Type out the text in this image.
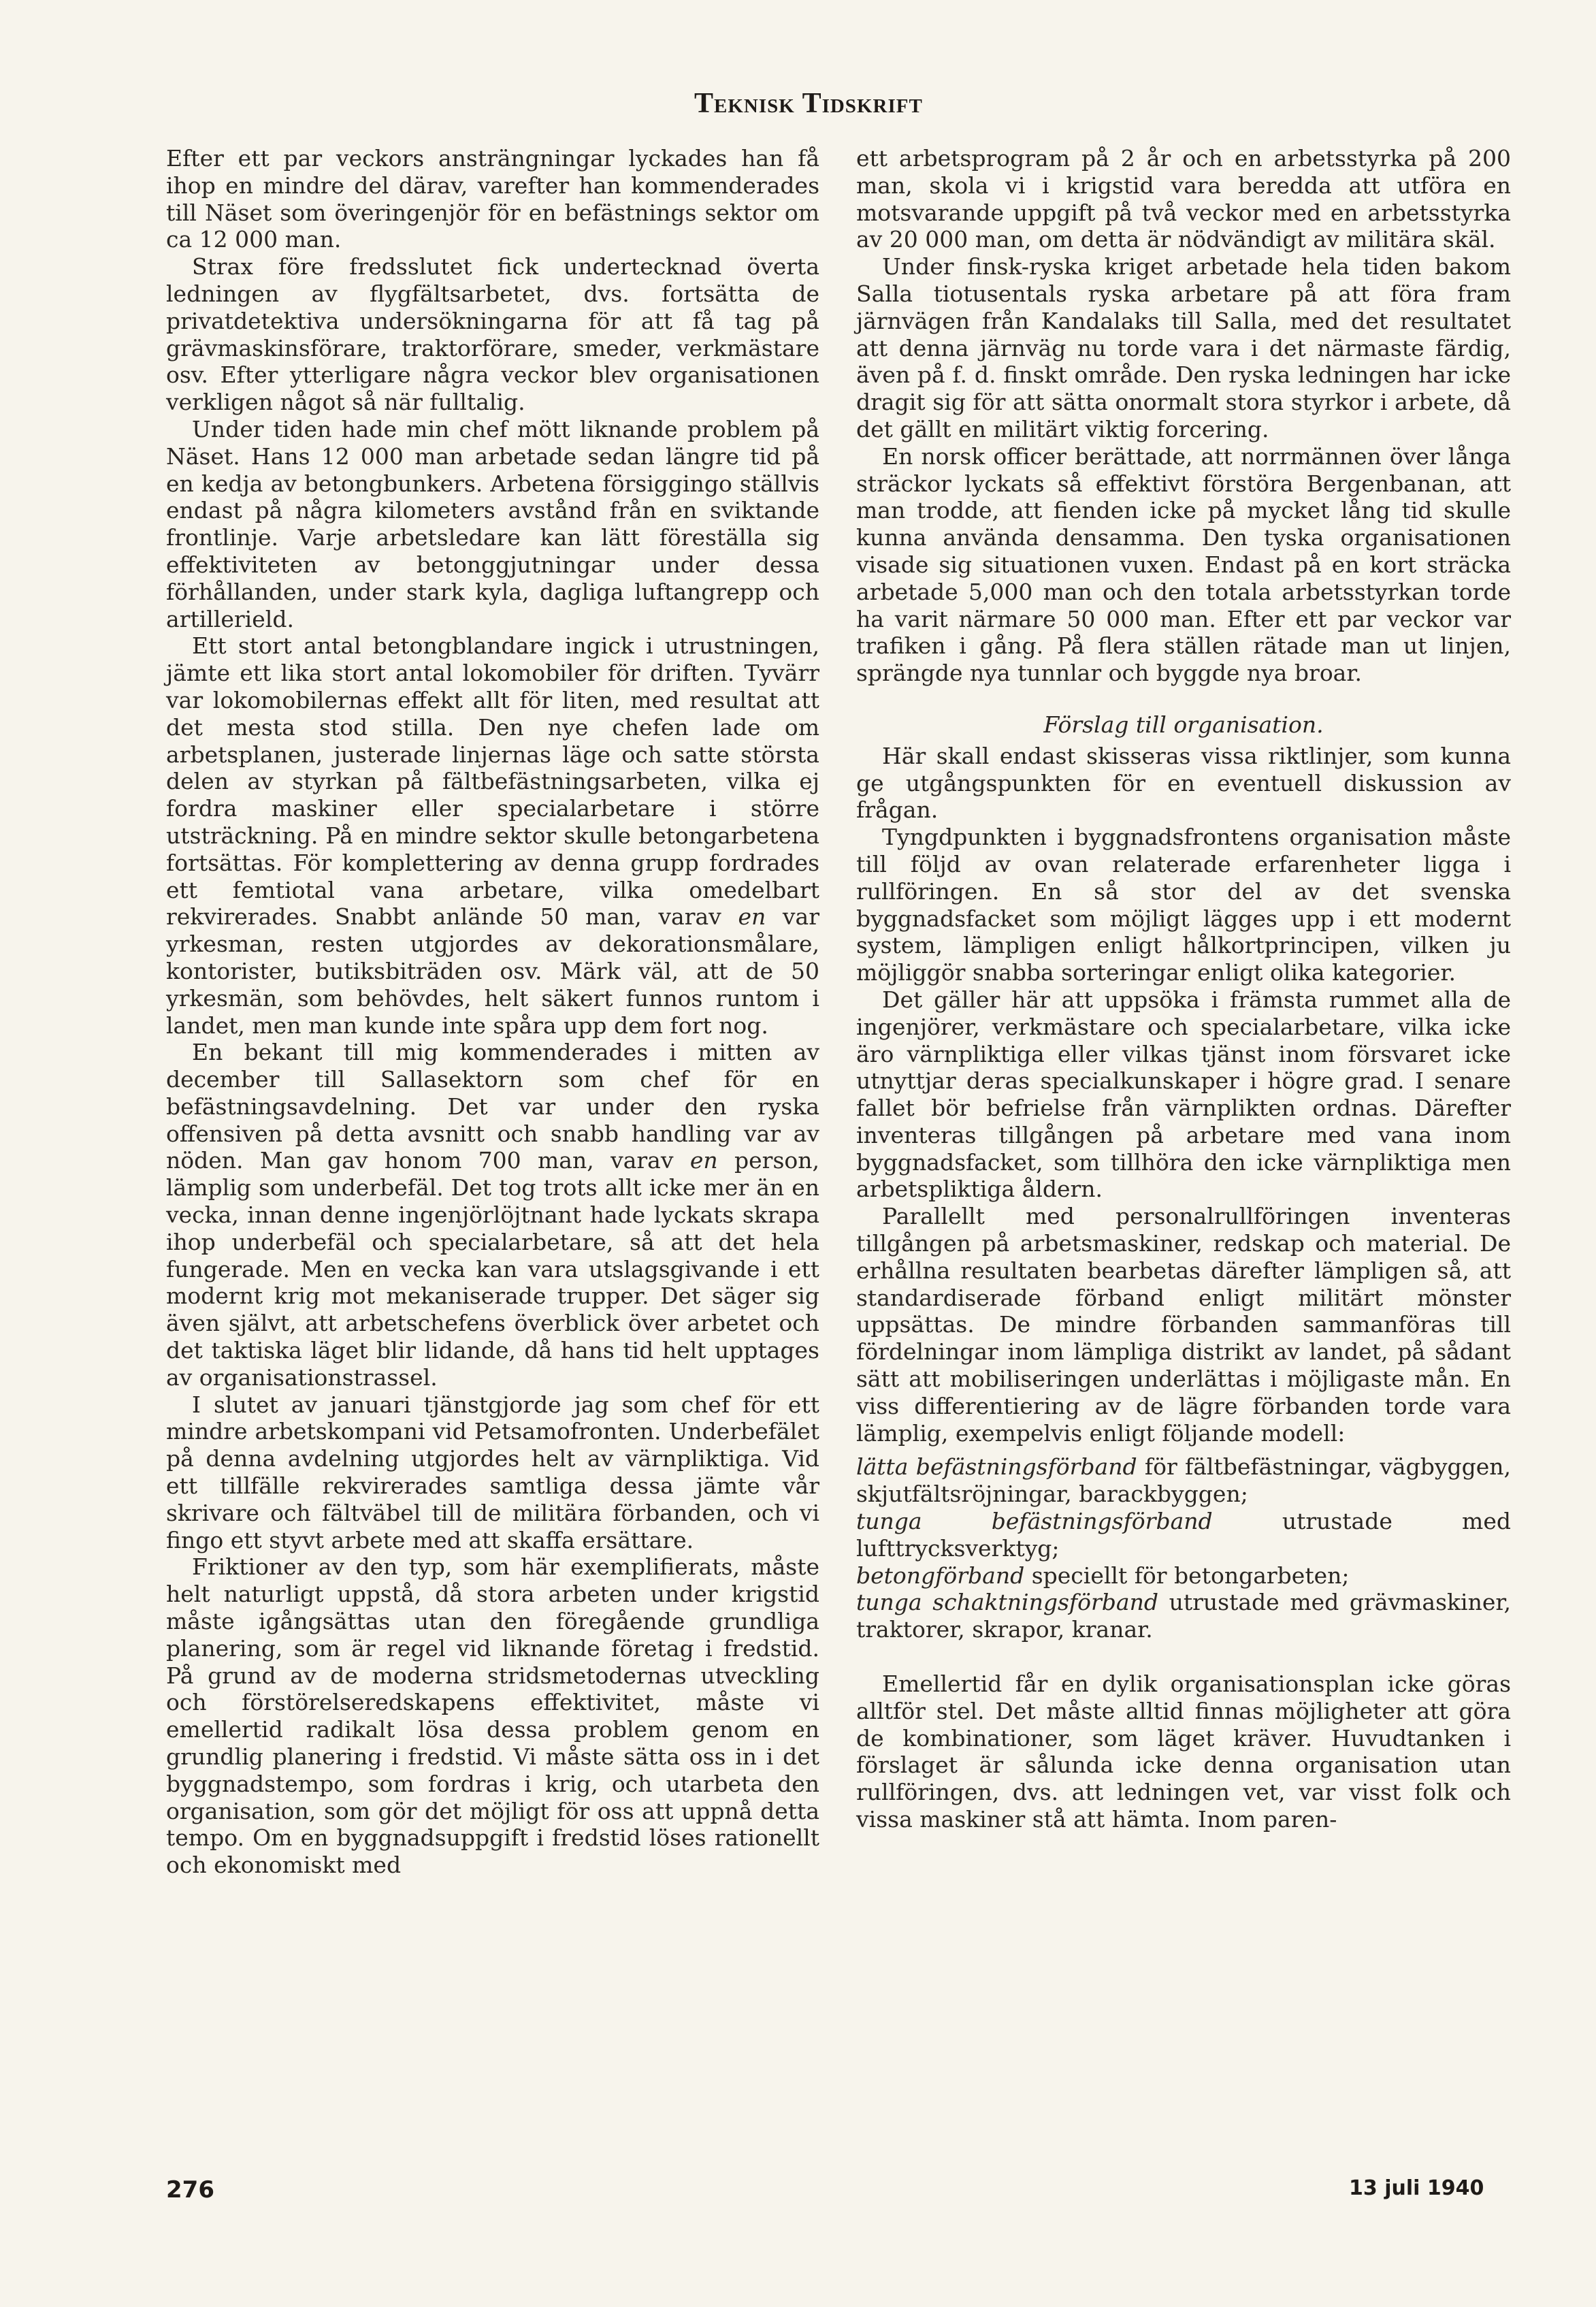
Teknisk Tidskrift

Efter ett par veckors ansträngningar lyckades han få ihop en mindre del därav, varefter han kommenderades till Näset som överingenjör för en befästnings sektor om ca 12 000 man.

Strax före fredsslutet fick undertecknad överta ledningen av flygfältsarbetet, dvs. fortsätta de privatdetektiva undersökningarna för att få tag på grävmaskinsförare, traktorförare, smeder, verkmästare osv. Efter ytterligare några veckor blev organisationen verkligen något så när fulltalig.

Under tiden hade min chef mött liknande problem på Näset. Hans 12 000 man arbetade sedan längre tid på en kedja av betongbunkers. Arbetena försiggingo ställvis endast på några kilometers avstånd från en sviktande frontlinje. Varje arbetsledare kan lätt föreställa sig effektiviteten av betonggjutningar under dessa förhållanden, under stark kyla, dagliga luftangrepp och artillerield.

Ett stort antal betongblandare ingick i utrustningen, jämte ett lika stort antal lokomobiler för driften. Tyvärr var lokomobilernas effekt allt för liten, med resultat att det mesta stod stilla. Den nye chefen lade om arbetsplanen, justerade linjernas läge och satte största delen av styrkan på fältbefästningsarbeten, vilka ej fordra maskiner eller specialarbetare i större utsträckning. På en mindre sektor skulle betongarbetena fortsättas. För komplettering av denna grupp fordrades ett femtiotal vana arbetare, vilka omedelbart rekvirerades. Snabbt anlände 50 man, varav en var yrkesman, resten utgjordes av dekorationsmålare, kontorister, butiksbiträden osv. Märk väl, att de 50 yrkesmän, som behövdes, helt säkert funnos runtom i landet, men man kunde inte spåra upp dem fort nog.

En bekant till mig kommenderades i mitten av december till Sallasektorn som chef för en befästningsavdelning. Det var under den ryska offensiven på detta avsnitt och snabb handling var av nöden. Man gav honom 700 man, varav en person, lämplig som underbefäl. Det tog trots allt icke mer än en vecka, innan denne ingenjörlöjtnant hade lyckats skrapa ihop underbefäl och specialarbetare, så att det hela fungerade. Men en vecka kan vara utslagsgivande i ett modernt krig mot mekaniserade trupper. Det säger sig även självt, att arbetschefens överblick över arbetet och det taktiska läget blir lidande, då hans tid helt upptages av organisationstrassel.

I slutet av januari tjänstgjorde jag som chef för ett mindre arbetskompani vid Petsamofronten. Underbefälet på denna avdelning utgjordes helt av värnpliktiga. Vid ett tillfälle rekvirerades samtliga dessa jämte vår skrivare och fältväbel till de militära förbanden, och vi fingo ett styvt arbete med att skaffa ersättare.

Friktioner av den typ, som här exemplifierats, måste helt naturligt uppstå, då stora arbeten under krigstid måste igångsättas utan den föregående grundliga planering, som är regel vid liknande företag i fredstid. På grund av de moderna stridsmetodernas utveckling och förstörelseredskapens effektivitet, måste vi emellertid radikalt lösa dessa problem genom en grundlig planering i fredstid. Vi måste sätta oss in i det byggnadstempo, som fordras i krig, och utarbeta den organisation, som gör det möjligt för oss att uppnå detta tempo. Om en byggnadsuppgift i fredstid löses rationellt och ekonomiskt med

ett arbetsprogram på 2 år och en arbetsstyrka på 200 man, skola vi i krigstid vara beredda att utföra en motsvarande uppgift på två veckor med en arbetsstyrka av 20 000 man, om detta är nödvändigt av militära skäl.

Under finsk-ryska kriget arbetade hela tiden bakom Salla tiotusentals ryska arbetare på att föra fram järnvägen från Kandalaks till Salla, med det resultatet att denna järnväg nu torde vara i det närmaste färdig, även på f. d. finskt område. Den ryska ledningen har icke dragit sig för att sätta onormalt stora styrkor i arbete, då det gällt en militärt viktig forcering.

En norsk officer berättade, att norrmännen över långa sträckor lyckats så effektivt förstöra Bergenbanan, att man trodde, att fienden icke på mycket lång tid skulle kunna använda densamma. Den tyska organisationen visade sig situationen vuxen. Endast på en kort sträcka arbetade 5,000 man och den totala arbetsstyrkan torde ha varit närmare 50 000 man. Efter ett par veckor var trafiken i gång. På flera ställen rätade man ut linjen, sprängde nya tunnlar och byggde nya broar.

Förslag till organisation.

Här skall endast skisseras vissa riktlinjer, som kunna ge utgångspunkten för en eventuell diskussion av frågan.

Tyngdpunkten i byggnadsfrontens organisation måste till följd av ovan relaterade erfarenheter ligga i rullföringen. En så stor del av det svenska byggnadsfacket som möjligt lägges upp i ett modernt system, lämpligen enligt hålkortprincipen, vilken ju möjliggör snabba sorteringar enligt olika kategorier.

Det gäller här att uppsöka i främsta rummet alla de ingenjörer, verkmästare och specialarbetare, vilka icke äro värnpliktiga eller vilkas tjänst inom försvaret icke utnyttjar deras specialkunskaper i högre grad. I senare fallet bör befrielse från värnplikten ordnas. Därefter inventeras tillgången på arbetare med vana inom byggnadsfacket, som tillhöra den icke värnpliktiga men arbetspliktiga åldern.

Parallellt med personalrullföringen inventeras tillgången på arbetsmaskiner, redskap och material. De erhållna resultaten bearbetas därefter lämpligen så, att standardiserade förband enligt militärt mönster uppsättas. De mindre förbanden sammanföras till fördelningar inom lämpliga distrikt av landet, på sådant sätt att mobiliseringen underlättas i möjligaste mån. En viss differentiering av de lägre förbanden torde vara lämplig, exempelvis enligt följande modell:

lätta befästningsförband för fältbefästningar, vägbyggen, skjutfältsröjningar, barackbyggen;

tunga befästningsförband utrustade med lufttrycksverktyg;

betongförband speciellt för betongarbeten;

tunga schaktningsförband utrustade med grävmaskiner, traktorer, skrapor, kranar.

Emellertid får en dylik organisationsplan icke göras alltför stel. Det måste alltid finnas möjligheter att göra de kombinationer, som läget kräver. Huvudtanken i förslaget är sålunda icke denna organisation utan rullföringen, dvs. att ledningen vet, var visst folk och vissa maskiner stå att hämta. Inom paren-

276	13 juli 1940
